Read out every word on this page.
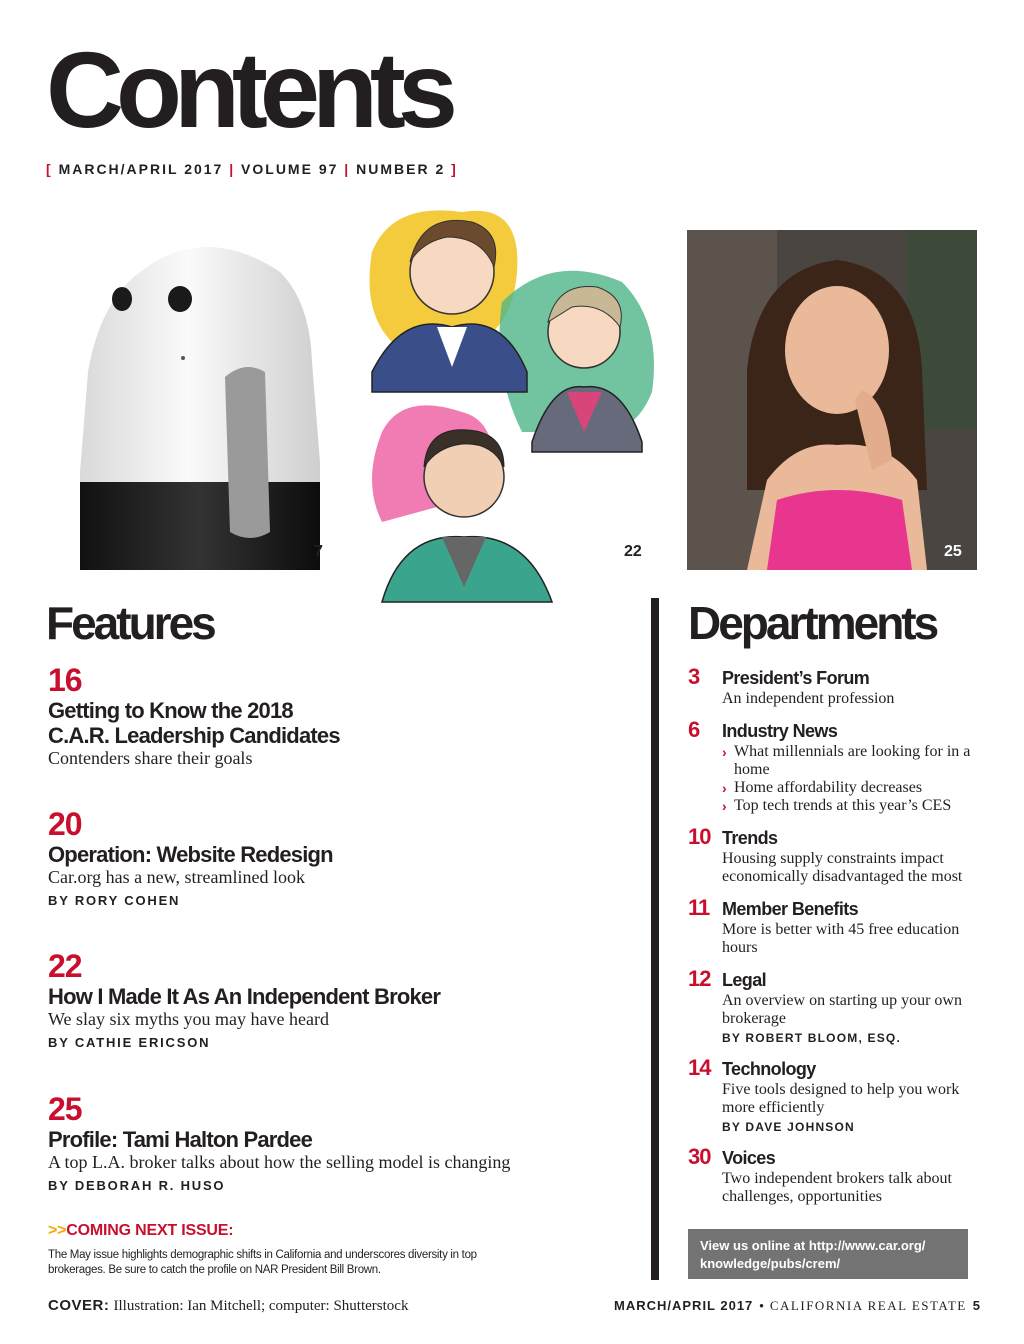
Contents
[ MARCH/APRIL 2017 | VOLUME 97 | NUMBER 2 ]
7	22	25
Features
16
Getting to Know the 2018
C.A.R. Leadership Candidates
Contenders share their goals
20
Operation: Website Redesign
Car.org has a new, streamlined look
BY RORY COHEN
22
How I Made It As An Independent Broker
We slay six myths you may have heard
BY CATHIE ERICSON
25
Profile: Tami Halton Pardee
A top L.A. broker talks about how the selling model is changing
BY DEBORAH R. HUSO
>>COMING NEXT ISSUE:
The May issue highlights demographic shifts in California and underscores diversity in top brokerages. Be sure to catch the profile on NAR President Bill Brown.
COVER: Illustration: Ian Mitchell; computer: Shutterstock
Departments
3	President’s Forum
An independent profession
6	Industry News
› What millennials are looking for in a home
› Home affordability decreases
› Top tech trends at this year’s CES
10 Trends
Housing supply constraints impact economically disadvantaged the most
11 Member Benefits
More is better with 45 free education hours
12 Legal
An overview on starting up your own brokerage
BY ROBERT BLOOM, ESQ.
14 Technology
Five tools designed to help you work more efficiently
BY DAVE JOHNSON
30 Voices
Two independent brokers talk about challenges, opportunities
View us online at http://www.car.org/
knowledge/pubs/crem/
MARCH/APRIL 2017 • CALIFORNIA REAL ESTATE 5
